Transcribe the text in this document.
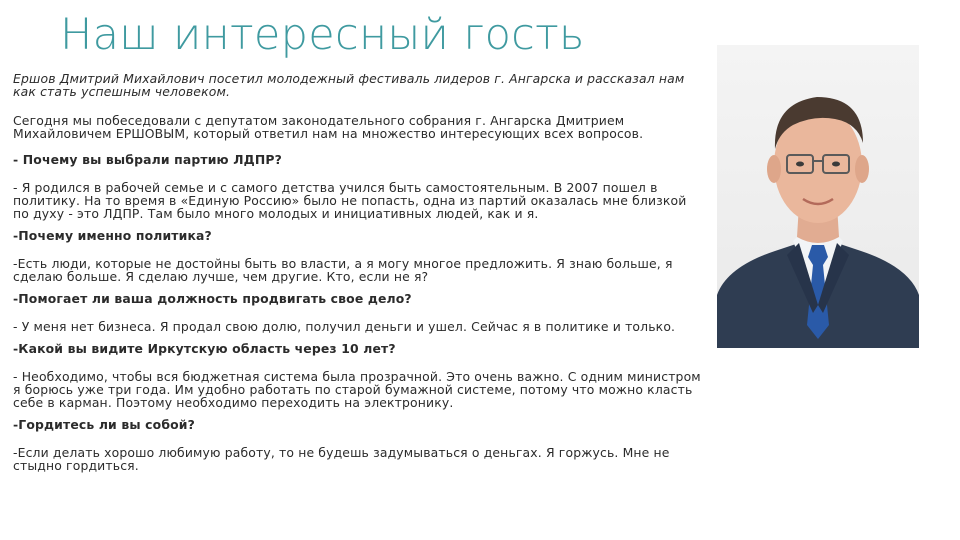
Наш интересный гость

Ершов Дмитрий Михайлович посетил молодежный фестиваль лидеров г. Ангарска и рассказал нам как стать успешным человеком.

Сегодня мы побеседовали с депутатом законодательного собрания г. Ангарска Дмитрием Михайловичем ЕРШОВЫМ, который ответил нам на множество интересующих всех вопросов.

- Почему вы выбрали партию ЛДПР?

- Я родился в рабочей семье и с самого детства учился быть самостоятельным. В 2007 пошел в политику. На то время в «Единую Россию» было не попасть, одна из партий оказалась мне близкой по духу - это ЛДПР. Там было много молодых и инициативных людей, как и я.

-Почему именно политика?

-Есть люди, которые не достойны быть во власти, а я могу многое предложить. Я знаю больше, я сделаю больше. Я сделаю лучше, чем другие. Кто, если не я?

-Помогает ли ваша должность продвигать свое дело?

- У меня нет бизнеса. Я продал свою долю, получил деньги и ушел. Сейчас я в политике и только.

-Какой вы видите Иркутскую область через 10 лет?

- Необходимо, чтобы вся бюджетная система была прозрачной. Это очень важно. С одним министром я борюсь уже три года. Им удобно работать по старой бумажной системе, потому что можно класть себе в карман. Поэтому необходимо переходить на электронику.

-Гордитесь ли вы собой?

-Если делать хорошо любимую работу, то не будешь задумываться о деньгах. Я горжусь. Мне не стыдно гордиться.
